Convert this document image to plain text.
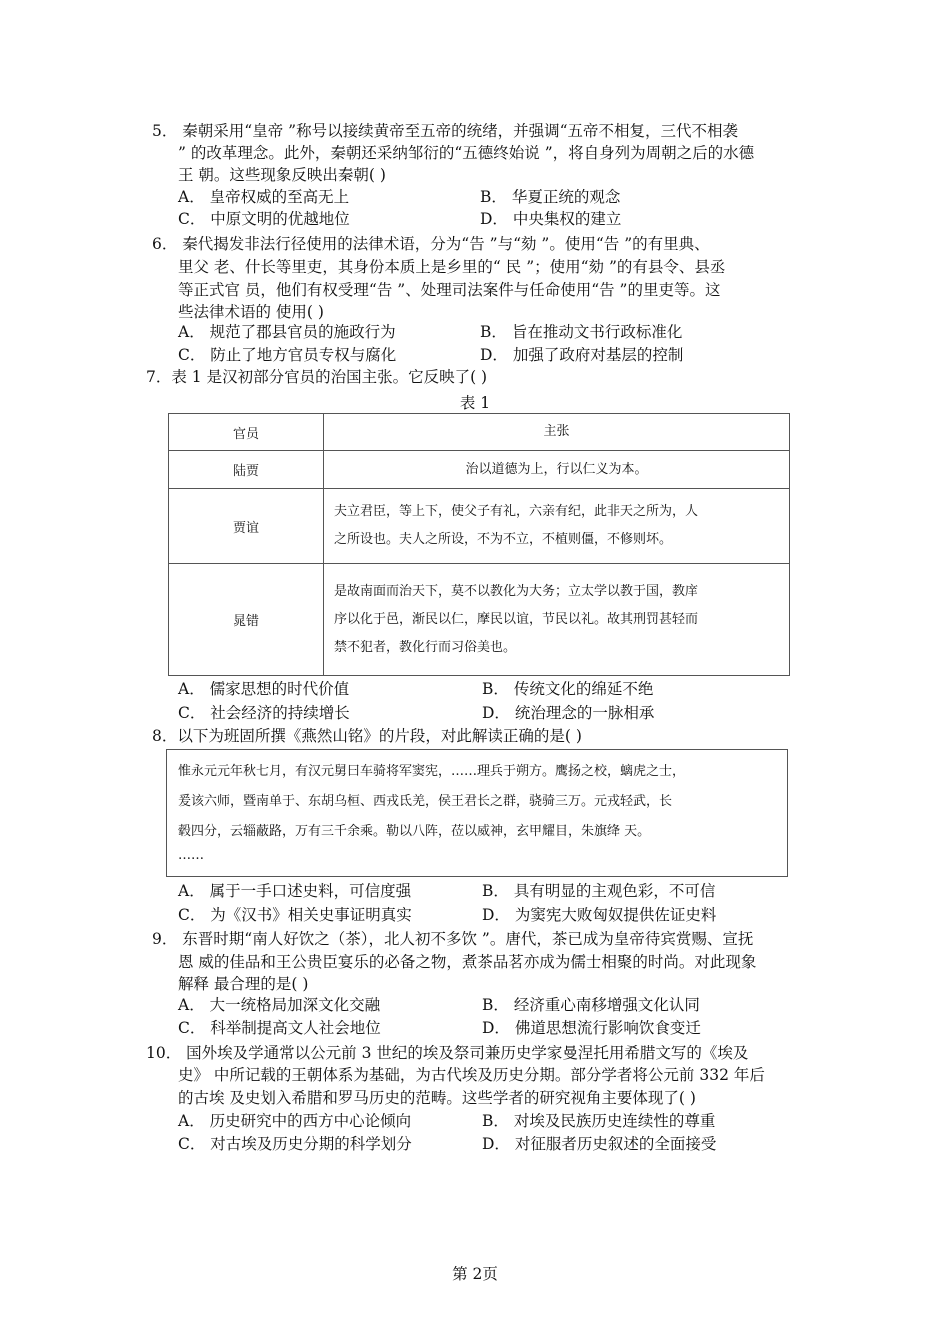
5． 秦朝采用“皇帝 ”称号以接续黄帝至五帝的统绪，并强调“五帝不相复，三代不相袭
” 的改革理念。此外，秦朝还采纳邹衍的“五德终始说 ”，将自身列为周朝之后的水德
王 朝。这些现象反映出秦朝( )
A． 皇帝权威的至高无上	B． 华夏正统的观念
C． 中原文明的优越地位	D． 中央集权的建立
6． 秦代揭发非法行径使用的法律术语，分为“告 ”与“劾 ”。使用“告 ”的有里典、
里父 老、什长等里吏，其身份本质上是乡里的“ 民 ”；使用“劾 ”的有县令、县丞
等正式官 员，他们有权受理“告 ”、处理司法案件与任命使用“告 ”的里吏等。这
些法律术语的 使用( )
A． 规范了郡县官员的施政行为	B． 旨在推动文书行政标准化
C． 防止了地方官员专权与腐化	D． 加强了政府对基层的控制
7．表 1 是汉初部分官员的治国主张。它反映了( )
表 1
官员	主张
陆贾	治以道德为上，行以仁义为本。
贾谊	夫立君臣，等上下，使父子有礼，六亲有纪，此非天之所为，人
之所设也。夫人之所设，不为不立，不植则僵，不修则坏。

晁错	是故南面而治天下，莫不以教化为大务；立太学以教于国，教庠
序以化于邑，渐民以仁，摩民以谊，节民以礼。故其刑罚甚轻而
禁不犯者，教化行而习俗美也。
A． 儒家思想的时代价值	B． 传统文化的绵延不绝
C． 社会经济的持续增长	D． 统治理念的一脉相承
8．以下为班固所撰《燕然山铭》的片段，对此解读正确的是( )
惟永元元年秋七月，有汉元舅曰车骑将军窦宪，……理兵于朔方。鹰扬之校，螭虎之士，
爰该六师，暨南单于、东胡乌桓、西戎氐羌，侯王君长之群，骁骑三万。元戎轻武，长
毂四分，云辎蔽路，万有三千余乘。勒以八阵，莅以威神，玄甲耀目，朱旗绛 天。
……
A． 属于一手口述史料，可信度强	B． 具有明显的主观色彩，不可信
C． 为《汉书》相关史事证明真实	D． 为窦宪大败匈奴提供佐证史料
9． 东晋时期“南人好饮之（茶），北人初不多饮 ”。唐代，茶已成为皇帝待宾赏赐、宣抚
恩 威的佳品和王公贵臣宴乐的必备之物，煮茶品茗亦成为儒士相聚的时尚。对此现象
解释 最合理的是( )
A． 大一统格局加深文化交融	B． 经济重心南移增强文化认同
C． 科举制提高文人社会地位	D． 佛道思想流行影响饮食变迁
10． 国外埃及学通常以公元前 3 世纪的埃及祭司兼历史学家曼涅托用希腊文写的《埃及
史》 中所记载的王朝体系为基础，为古代埃及历史分期。部分学者将公元前 332 年后
的古埃 及史划入希腊和罗马历史的范畴。这些学者的研究视角主要体现了( )
A． 历史研究中的西方中心论倾向	B． 对埃及民族历史连续性的尊重
C． 对古埃及历史分期的科学划分	D． 对征服者历史叙述的全面接受
第 2页
